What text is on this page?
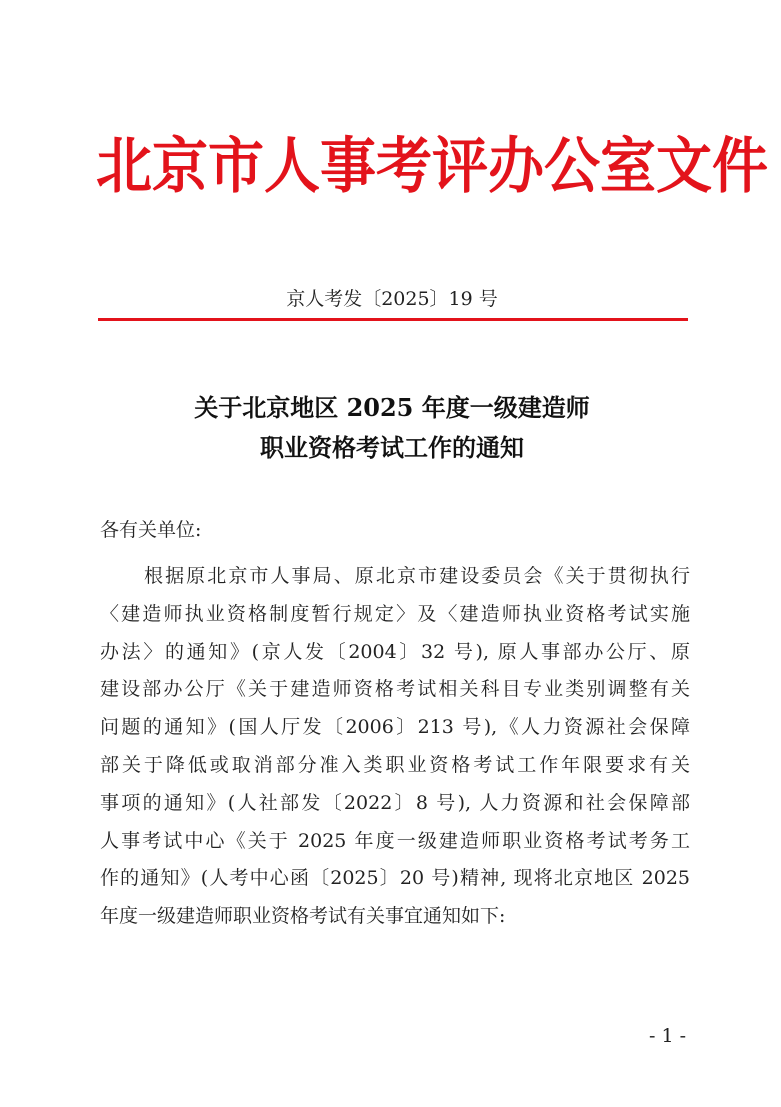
北京市人事考评办公室文件
京人考发〔2025〕19 号
关于北京地区 2025 年度一级建造师
职业资格考试工作的通知
各有关单位:
根据原北京市人事局、原北京市建设委员会《关于贯彻执行
〈建造师执业资格制度暂行规定〉及〈建造师执业资格考试实施
办法〉的通知》(京人发〔2004〕32 号), 原人事部办公厅、原
建设部办公厅《关于建造师资格考试相关科目专业类别调整有关
问题的通知》(国人厅发〔2006〕213 号),《人力资源社会保障
部关于降低或取消部分准入类职业资格考试工作年限要求有关
事项的通知》(人社部发〔2022〕8 号), 人力资源和社会保障部
人事考试中心《关于 2025 年度一级建造师职业资格考试考务工
作的通知》(人考中心函〔2025〕20 号)精神, 现将北京地区 2025
年度一级建造师职业资格考试有关事宜通知如下:
- 1 -
